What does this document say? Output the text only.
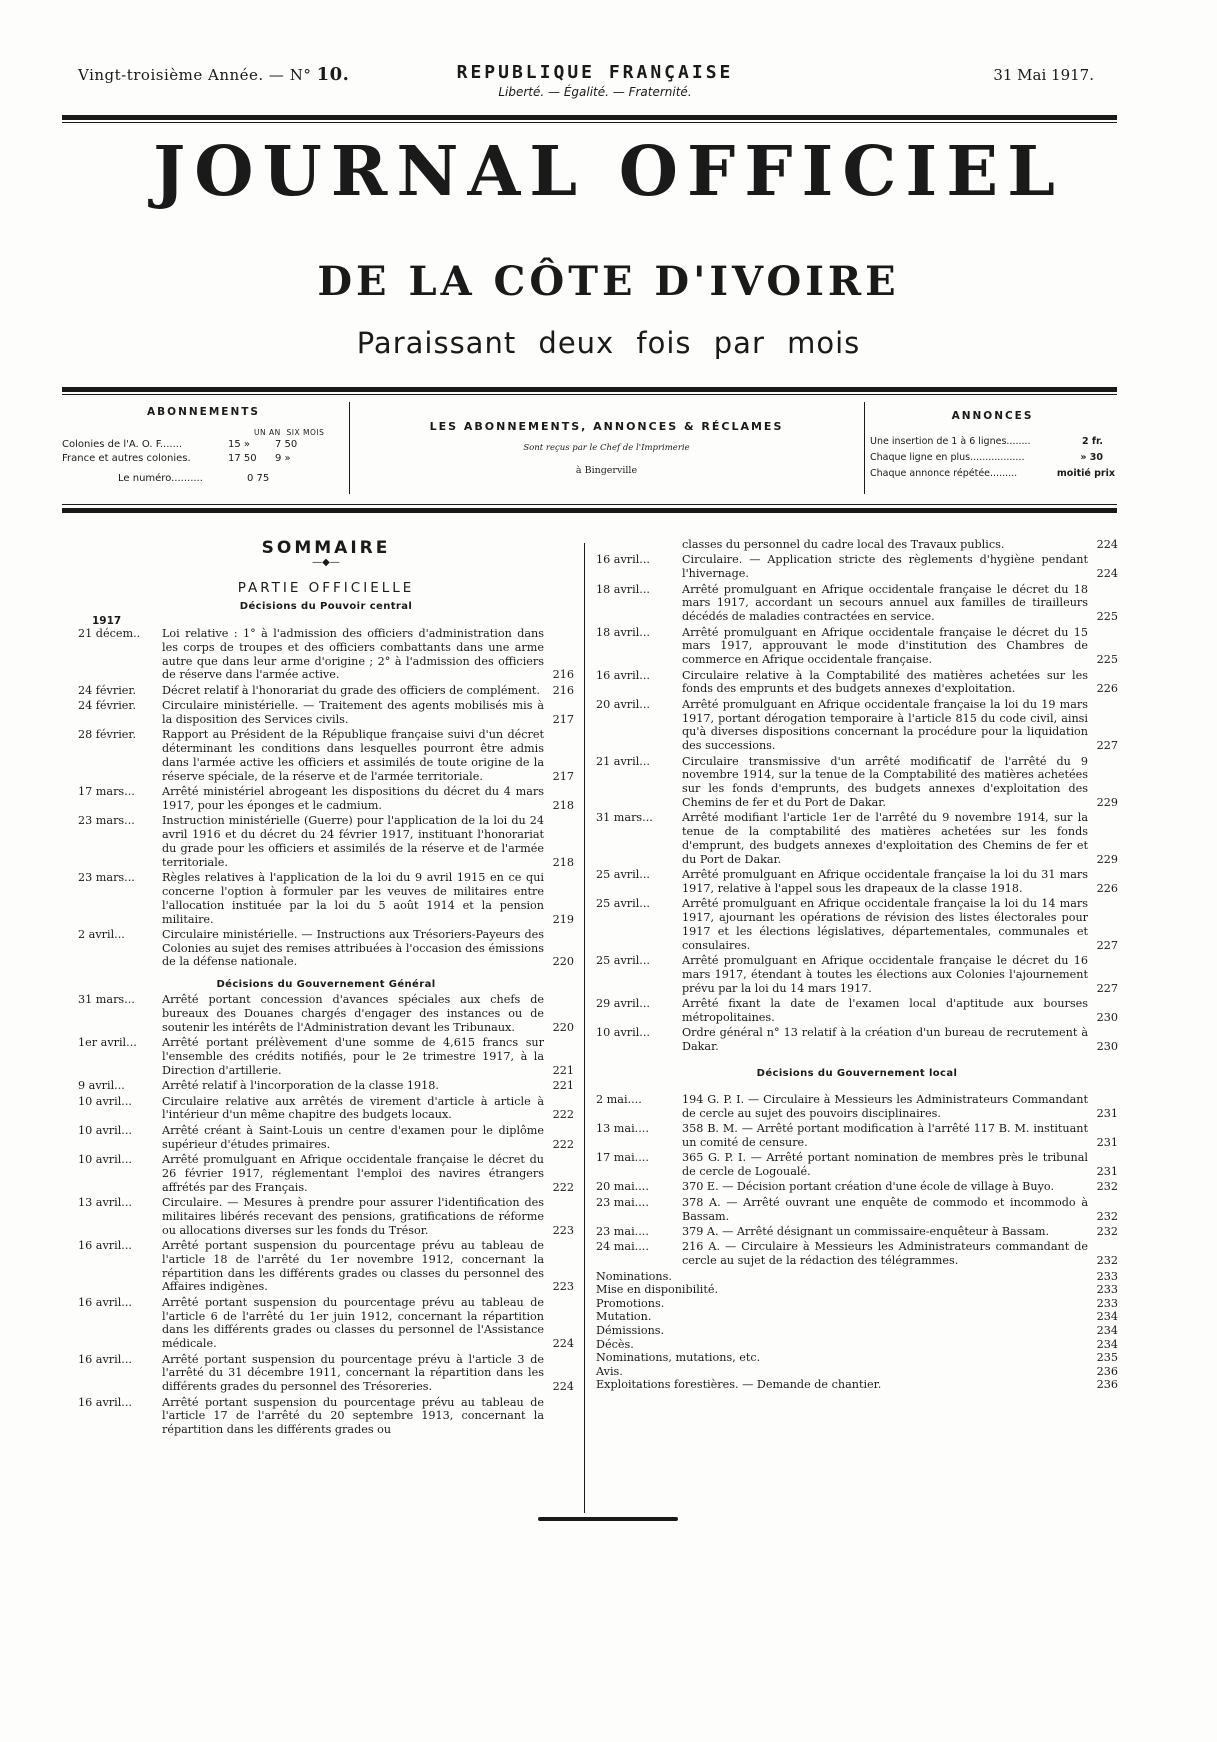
Vingt-troisième Année. — N° 10.	REPUBLIQUE FRANÇAISE
Liberté. — Égalité. — Fraternité.
31 Mai 1917.
JOURNAL OFFICIEL
DE LA CÔTE D'IVOIRE
Paraissant deux fois par mois
ABONNEMENTS
UN AN SIX MOIS
Colonies de l'A. O. F.......	15 » 7 50
France et autres colonies.	17 50 9 »
Le numéro..........	0 75
LES ABONNEMENTS, ANNONCES & RÉCLAMES
Sont reçus par le Chef de l'Imprimerie
à Bingerville
ANNONCES
Une insertion de 1 à 6 lignes........	2 fr.
Chaque ligne en plus..................	» 30
Chaque annonce répétée.........	moitié prix
SOMMAIRE
—◆—
PARTIE OFFICIELLE
Décisions du Pouvoir central
1917
21 décem..	Loi relative : 1° à l'admission des officiers d'administration dans les corps de troupes et des officiers combattants dans une arme autre que dans leur arme d'origine ; 2° à l'admission des officiers de réserve dans l'armée active.	216
24 février.	Décret relatif à l'honorariat du grade des officiers de complément. 216
24 février.	Circulaire ministérielle. — Traitement des agents mobilisés mis à la disposition des Services civils.	217
28 février.	Rapport au Président de la République française suivi d'un décret déterminant les conditions dans lesquelles pourront être admis dans l'armée active les officiers et assimilés de toute origine de la réserve spéciale, de la réserve et de l'armée territoriale.	217
17 mars...	Arrêté ministériel abrogeant les dispositions du décret du 4 mars 1917, pour les éponges et le cadmium.	218
23 mars...	Instruction ministérielle (Guerre) pour l'application de la loi du 24 avril 1916 et du décret du 24 février 1917, instituant l'honorariat du grade pour les officiers et assimilés de la réserve et de l'armée territoriale.	218
23 mars...	Règles relatives à l'application de la loi du 9 avril 1915 en ce qui concerne l'option à formuler par les veuves de militaires entre l'allocation instituée par la loi du 5 août 1914 et la pension militaire.	219
2 avril...	Circulaire ministérielle. — Instructions aux Trésoriers-Payeurs des Colonies au sujet des remises attribuées à l'occasion des émissions de la défense nationale.	220
Décisions du Gouvernement Général
31 mars...	Arrêté portant concession d'avances spéciales aux chefs de bureaux des Douanes chargés d'engager des instances ou de soutenir les intérêts de l'Administration devant les Tribunaux.	220
1er avril...	Arrêté portant prélèvement d'une somme de 4,615 francs sur l'ensemble des crédits notifiés, pour le 2e trimestre 1917, à la Direction d'artillerie.	221
9 avril...	Arrêté relatif à l'incorporation de la classe 1918.	221
10 avril...	Circulaire relative aux arrêtés de virement d'article à article à l'intérieur d'un même chapitre des budgets locaux.	222
10 avril...	Arrêté créant à Saint-Louis un centre d'examen pour le diplôme supérieur d'études primaires.	222
10 avril...	Arrêté promulguant en Afrique occidentale française le décret du 26 février 1917, réglementant l'emploi des navires étrangers affrétés par des Français.	222
13 avril...	Circulaire. — Mesures à prendre pour assurer l'identification des militaires libérés recevant des pensions, gratifications de réforme ou allocations diverses sur les fonds du Trésor.	223
16 avril...	Arrêté portant suspension du pourcentage prévu au tableau de l'article 18 de l'arrêté du 1er novembre 1912, concernant la répartition dans les différents grades ou classes du personnel des Affaires indigènes.	223
16 avril...	Arrêté portant suspension du pourcentage prévu au tableau de l'article 6 de l'arrêté du 1er juin 1912, concernant la répartition dans les différents grades ou classes du personnel de l'Assistance médicale.	224
16 avril...	Arrêté portant suspension du pourcentage prévu à l'article 3 de l'arrêté du 31 décembre 1911, concernant la répartition dans les différents grades du personnel des Trésoreries.	224
16 avril...	Arrêté portant suspension du pourcentage prévu au tableau de l'article 17 de l'arrêté du 20 septembre 1913, concernant la répartition dans les différents grades ou
classes du personnel du cadre local des Travaux publics.	224
16 avril...	Circulaire. — Application stricte des règlements d'hygiène pendant l'hivernage.	224
18 avril...	Arrêté promulguant en Afrique occidentale française le décret du 18 mars 1917, accordant un secours annuel aux familles de tirailleurs décédés de maladies contractées en service.	225
18 avril...	Arrêté promulguant en Afrique occidentale française le décret du 15 mars 1917, approuvant le mode d'institution des Chambres de commerce en Afrique occidentale française.	225
16 avril...	Circulaire relative à la Comptabilité des matières achetées sur les fonds des emprunts et des budgets annexes d'exploitation.	226
20 avril...	Arrêté promulguant en Afrique occidentale française la loi du 19 mars 1917, portant dérogation temporaire à l'article 815 du code civil, ainsi qu'à diverses dispositions concernant la procédure pour la liquidation des successions.	227
21 avril...	Circulaire transmissive d'un arrêté modificatif de l'arrêté du 9 novembre 1914, sur la tenue de la Comptabilité des matières achetées sur les fonds d'emprunts, des budgets annexes d'exploitation des Chemins de fer et du Port de Dakar.	229
31 mars...	Arrêté modifiant l'article 1er de l'arrêté du 9 novembre 1914, sur la tenue de la comptabilité des matières achetées sur les fonds d'emprunt, des budgets annexes d'exploitation des Chemins de fer et du Port de Dakar.	229
25 avril...	Arrêté promulguant en Afrique occidentale française la loi du 31 mars 1917, relative à l'appel sous les drapeaux de la classe 1918.	226
25 avril...	Arrêté promulguant en Afrique occidentale française la loi du 14 mars 1917, ajournant les opérations de révision des listes électorales pour 1917 et les élections législatives, départementales, communales et consulaires.	227
25 avril...	Arrêté promulguant en Afrique occidentale française le décret du 16 mars 1917, étendant à toutes les élections aux Colonies l'ajournement prévu par la loi du 14 mars 1917.	227
29 avril...	Arrêté fixant la date de l'examen local d'aptitude aux bourses métropolitaines.	230
10 avril...	Ordre général n° 13 relatif à la création d'un bureau de recrutement à Dakar.	230
Décisions du Gouvernement local
2 mai....	194 G. P. I. — Circulaire à Messieurs les Administrateurs Commandant de cercle au sujet des pouvoirs disciplinaires.	231
13 mai....	358 B. M. — Arrêté portant modification à l'arrêté 117 B. M. instituant un comité de censure.	231
17 mai....	365 G. P. I. — Arrêté portant nomination de membres près le tribunal de cercle de Logoualé.	231
20 mai....	370 E. — Décision portant création d'une école de village à Buyo.	232
23 mai....	378 A. — Arrêté ouvrant une enquête de commodo et incommodo à Bassam.	232
23 mai....	379 A. — Arrêté désignant un commissaire-enquêteur à Bassam.	232
24 mai....	216 A. — Circulaire à Messieurs les Administrateurs commandant de cercle au sujet de la rédaction des télégrammes.	232
Nominations.	233
Mise en disponibilité.	233
Promotions.	233
Mutation.	234
Démissions.	234
Décès.	234
Nominations, mutations, etc.	235
Avis.	236
Exploitations forestières. — Demande de chantier.	236
